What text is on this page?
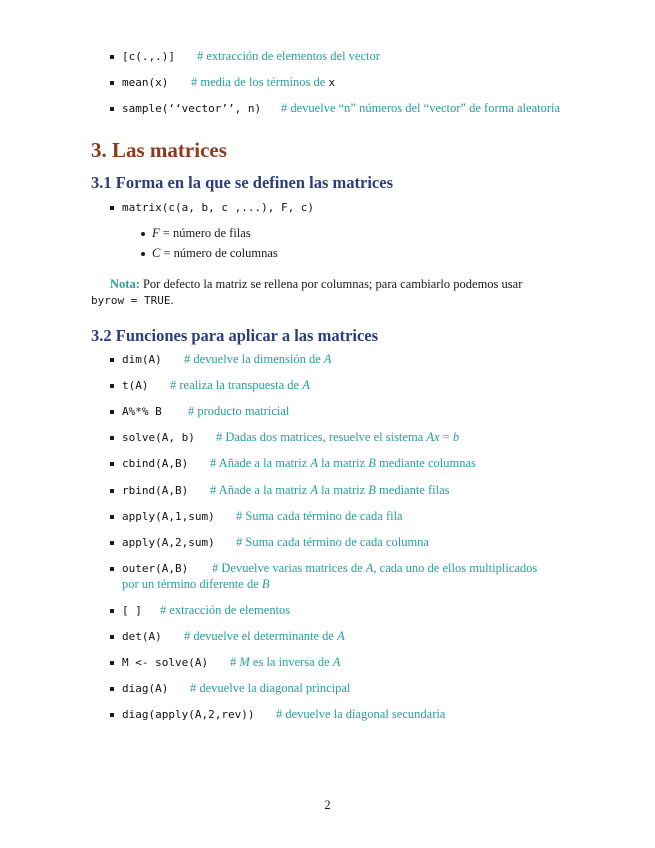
[c(.,.)] # extracción de elementos del vector
mean(x) # media de los términos de x
sample(‘‘vector’’, n) # devuelve “n” números del “vector” de forma aleatoria
3. Las matrices
3.1 Forma en la que se definen las matrices
matrix(c(a, b, c ,...), F, c)
F = número de filas
C = número de columnas
Nota: Por defecto la matriz se rellena por columnas; para cambiarlo podemos usar
byrow = TRUE.
3.2 Funciones para aplicar a las matrices
dim(A) # devuelve la dimensión de A
t(A) # realiza la transpuesta de A
A%*% B # producto matricial
solve(A, b) # Dadas dos matrices, resuelve el sistema Ax = b
cbind(A,B) # Añade a la matriz A la matriz B mediante columnas
rbind(A,B) # Añade a la matriz A la matriz B mediante filas
apply(A,1,sum) # Suma cada término de cada fila
apply(A,2,sum) # Suma cada término de cada columna
outer(A,B) # Devuelve varias matrices de A, cada uno de ellos multiplicados
por un término diferente de B
[ ] # extracción de elementos
det(A) # devuelve el determinante de A
M <- solve(A) # M es la inversa de A
diag(A) # devuelve la diagonal principal
diag(apply(A,2,rev)) # devuelve la diagonal secundaria
2
